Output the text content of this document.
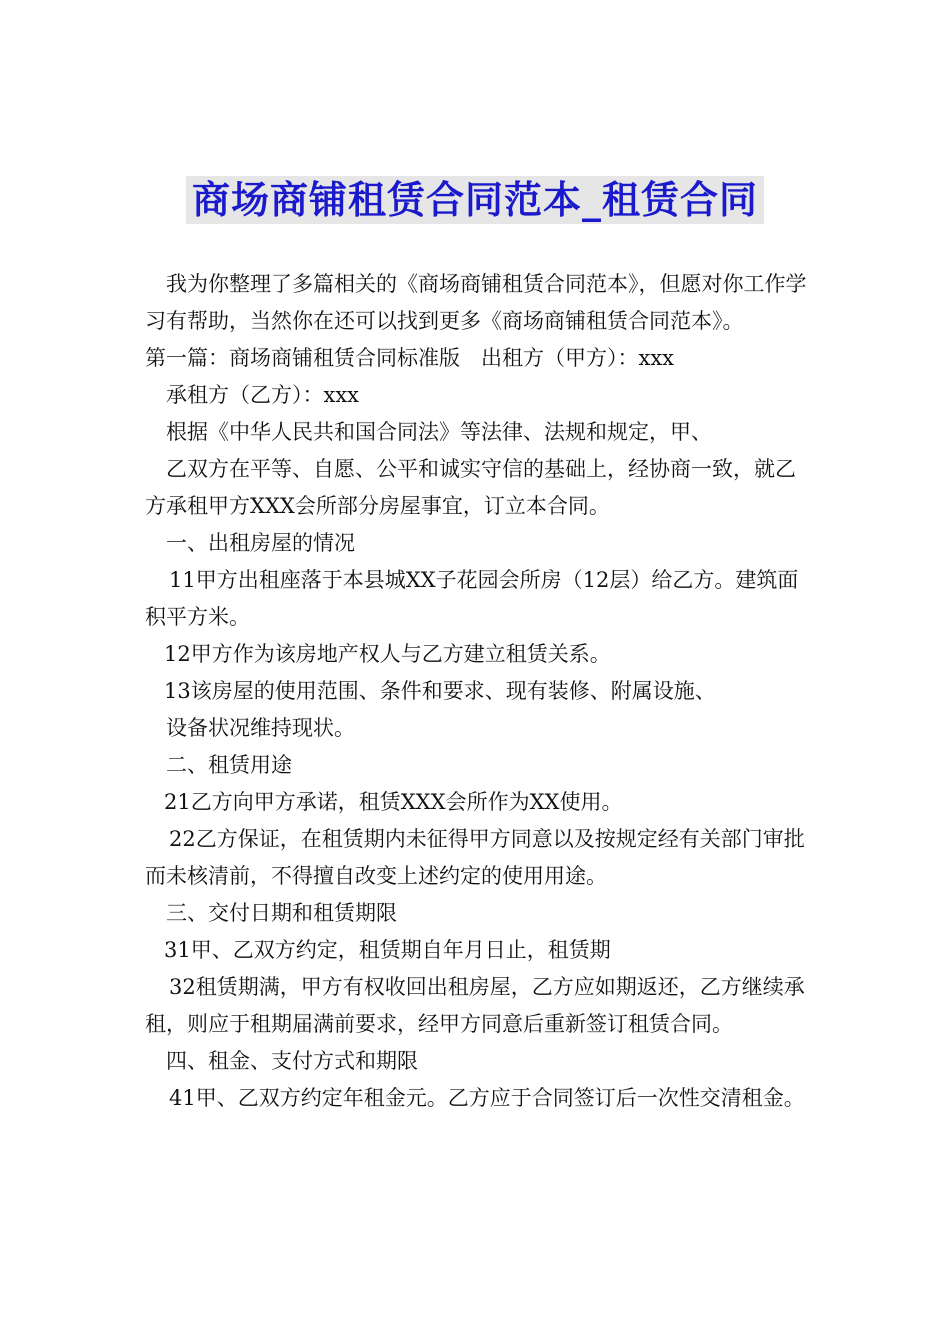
商场商铺租赁合同范本_租赁合同

我为你整理了多篇相关的《商场商铺租赁合同范本》，但愿对你工作学习有帮助，当然你在还可以找到更多《商场商铺租赁合同范本》。

第一篇：商场商铺租赁合同标准版　出租方（甲方）：xxx

承租方（乙方）：xxx

根据《中华人民共和国合同法》等法律、法规和规定，甲、

乙双方在平等、自愿、公平和诚实守信的基础上，经协商一致，就乙方承租甲方XXX会所部分房屋事宜，订立本合同。

一、出租房屋的情况

11甲方出租座落于本县城XX子花园会所房（12层）给乙方。建筑面积平方米。

12甲方作为该房地产权人与乙方建立租赁关系。

13该房屋的使用范围、条件和要求、现有装修、附属设施、

设备状况维持现状。

二、租赁用途

21乙方向甲方承诺，租赁XXX会所作为XX使用。

22乙方保证，在租赁期内未征得甲方同意以及按规定经有关部门审批而未核清前，不得擅自改变上述约定的使用用途。

三、交付日期和租赁期限

31甲、乙双方约定，租赁期自年月日止，租赁期

32租赁期满，甲方有权收回出租房屋，乙方应如期返还，乙方继续承租，则应于租期届满前要求，经甲方同意后重新签订租赁合同。

四、租金、支付方式和期限

41甲、乙双方约定年租金元。乙方应于合同签订后一次性交清租金。
